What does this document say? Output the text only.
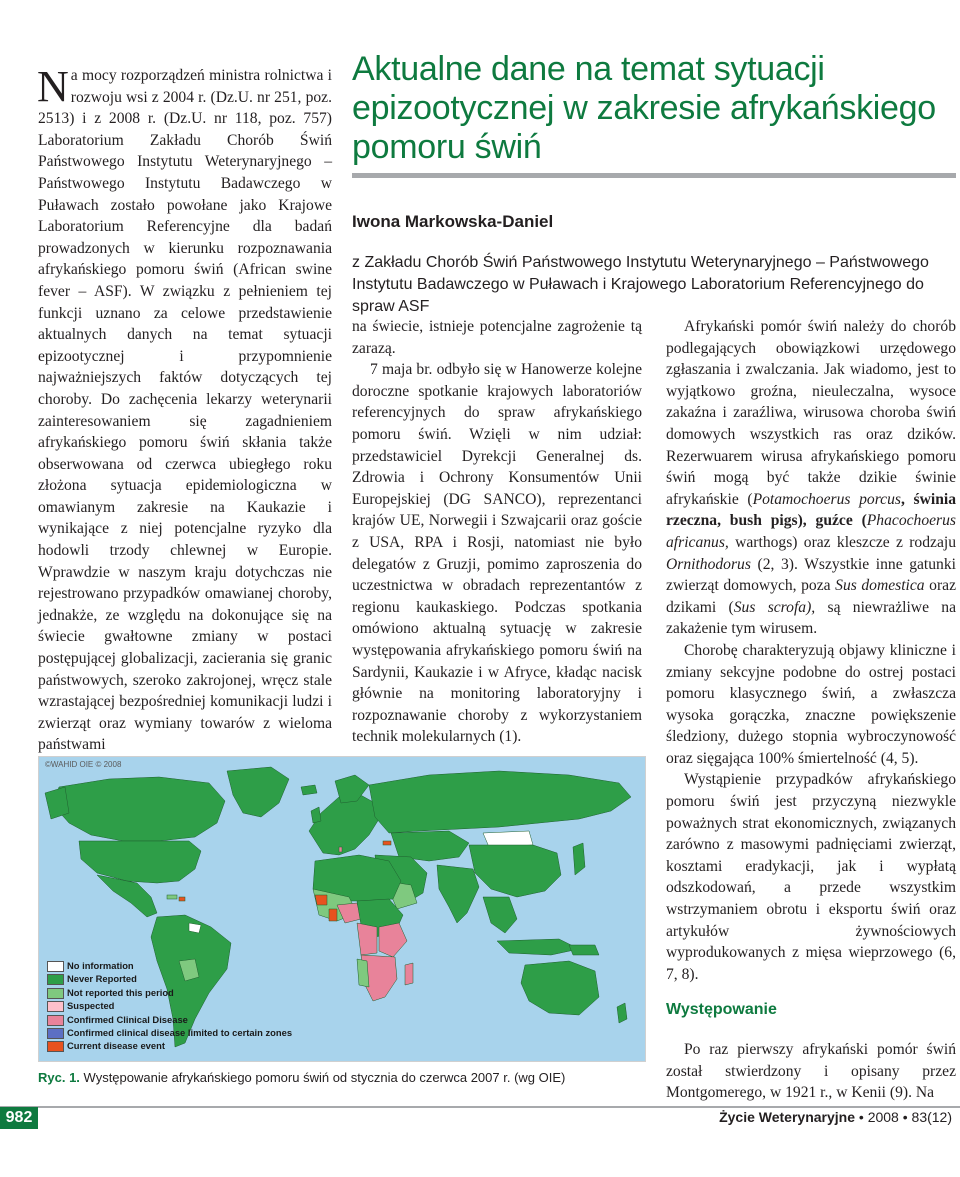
Na mocy rozporządzeń ministra rolnictwa i rozwoju wsi z 2004 r. (Dz.U. nr 251, poz. 2513) i z 2008 r. (Dz.U. nr 118, poz. 757) Laboratorium Zakładu Chorób Świń Państwowego Instytutu Weterynaryjnego – Państwowego Instytutu Badawczego w Puławach zostało powołane jako Krajowe Laboratorium Referencyjne dla badań prowadzonych w kierunku rozpoznawania afrykańskiego pomoru świń (African swine fever – ASF). W związku z pełnieniem tej funkcji uznano za celowe przedstawienie aktualnych danych na temat sytuacji epizootycznej i przypomnienie najważniejszych faktów dotyczących tej choroby. Do zachęcenia lekarzy weterynarii zainteresowaniem się zagadnieniem afrykańskiego pomoru świń skłania także obserwowana od czerwca ubiegłego roku złożona sytuacja epidemiologiczna w omawianym zakresie na Kaukazie i wynikające z niej potencjalne ryzyko dla hodowli trzody chlewnej w Europie. Wprawdzie w naszym kraju dotychczas nie rejestrowano przypadków omawianej choroby, jednakże, ze względu na dokonujące się na świecie gwałtowne zmiany w postaci postępującej globalizacji, zacierania się granic państwowych, szeroko zakrojonej, wręcz stale wzrastającej bezpośredniej komunikacji ludzi i zwierząt oraz wymiany towarów z wieloma państwami

Aktualne dane na temat sytuacji epizootycznej w zakresie afrykańskiego pomoru świń
Iwona Markowska-Daniel
z Zakładu Chorób Świń Państwowego Instytutu Weterynaryjnego – Państwowego Instytutu Badawczego w Puławach i Krajowego Laboratorium Referencyjnego do spraw ASF

na świecie, istnieje potencjalne zagrożenie tą zarazą.

7 maja br. odbyło się w Hanowerze kolejne doroczne spotkanie krajowych laboratoriów referencyjnych do spraw afrykańskiego pomoru świń. Wzięli w nim udział: przedstawiciel Dyrekcji Generalnej ds. Zdrowia i Ochrony Konsumentów Unii Europejskiej (DG SANCO), reprezentanci krajów UE, Norwegii i Szwajcarii oraz goście z USA, RPA i Rosji, natomiast nie było delegatów z Gruzji, pomimo zaproszenia do uczestnictwa w obradach reprezentantów z regionu kaukaskiego. Podczas spotkania omówiono aktualną sytuację w zakresie występowania afrykańskiego pomoru świń na Sardynii, Kaukazie i w Afryce, kładąc nacisk głównie na monitoring laboratoryjny i rozpoznawanie choroby z wykorzystaniem technik molekularnych (1).

Afrykański pomór świń należy do chorób podlegających obowiązkowi urzędowego zgłaszania i zwalczania. Jak wiadomo, jest to wyjątkowo groźna, nieuleczalna, wysoce zakaźna i zaraźliwa, wirusowa choroba świń domowych wszystkich ras oraz dzików. Rezerwuarem wirusa afrykańskiego pomoru świń mogą być także dzikie świnie afrykańskie (Potamochoerus porcus, świnia rzeczna, bush pigs), guźce (Phacochoerus africanus, warthogs) oraz kleszcze z rodzaju Ornithodorus (2, 3). Wszystkie inne gatunki zwierząt domowych, poza Sus domestica oraz dzikami (Sus scrofa), są niewrażliwe na zakażenie tym wirusem.

Chorobę charakteryzują objawy kliniczne i zmiany sekcyjne podobne do ostrej postaci pomoru klasycznego świń, a zwłaszcza wysoka gorączka, znaczne powiększenie śledziony, dużego stopnia wybroczynowość oraz sięgająca 100% śmiertelność (4, 5).

Wystąpienie przypadków afrykańskiego pomoru świń jest przyczyną niezwykle poważnych strat ekonomicznych, związanych zarówno z masowymi padnięciami zwierząt, kosztami eradykacji, jak i wypłatą odszkodowań, a przede wszystkim wstrzymaniem obrotu i eksportu świń oraz artykułów żywnościowych wyprodukowanych z mięsa wieprzowego (6, 7, 8).

Występowanie

Po raz pierwszy afrykański pomór świń został stwierdzony i opisany przez Montgomerego, w 1921 r., w Kenii (9). Na

©WAHID OIE © 2008
No information
Never Reported
Not reported this period
Suspected
Confirmed Clinical Disease
Confirmed clinical disease limited to certain zones
Current disease event
Ryc. 1. Występowanie afrykańskiego pomoru świń od stycznia do czerwca 2007 r. (wg OIE)
982	Życie Weterynaryjne • 2008 • 83(12)
